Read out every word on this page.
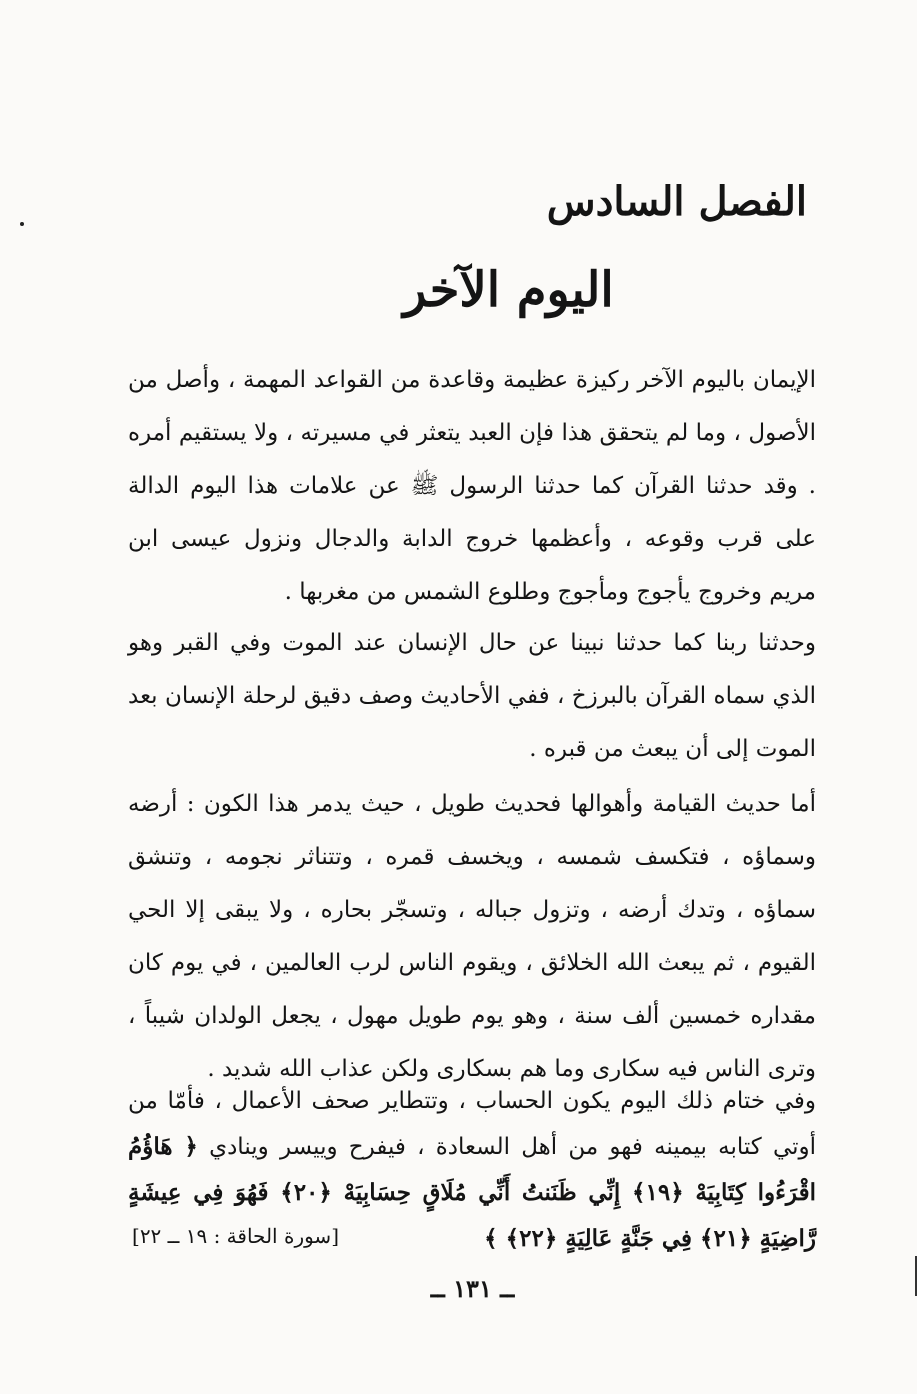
الفصل السادس
اليوم الآخر

الإيمان باليوم الآخر ركيزة عظيمة وقاعدة من القواعد المهمة ، وأصل من الأصول ، وما لم يتحقق هذا فإن العبد يتعثر في مسيرته ، ولا يستقيم أمره . وقد حدثنا القرآن كما حدثنا الرسول ﷺ عن علامات هذا اليوم الدالة على قرب وقوعه ، وأعظمها خروج الدابة والدجال ونزول عيسى ابن مريم وخروج يأجوج ومأجوج وطلوع الشمس من مغربها .

وحدثنا ربنا كما حدثنا نبينا عن حال الإنسان عند الموت وفي القبر وهو الذي سماه القرآن بالبرزخ ، ففي الأحاديث وصف دقيق لرحلة الإنسان بعد الموت إلى أن يبعث من قبره .

أما حديث القيامة وأهوالها فحديث طويل ، حيث يدمر هذا الكون : أرضه وسماؤه ، فتكسف شمسه ، ويخسف قمره ، وتتناثر نجومه ، وتنشق سماؤه ، وتدك أرضه ، وتزول جباله ، وتسجّر بحاره ، ولا يبقى إلا الحي القيوم ، ثم يبعث الله الخلائق ، ويقوم الناس لرب العالمين ، في يوم كان مقداره خمسين ألف سنة ، وهو يوم طويل مهول ، يجعل الولدان شيباً ، وترى الناس فيه سكارى وما هم بسكارى ولكن عذاب الله شديد .

وفي ختام ذلك اليوم يكون الحساب ، وتتطاير صحف الأعمال ، فأمّا من أوتي كتابه بيمينه فهو من أهل السعادة ، فيفرح وييسر وينادي ﴿ هَاؤُمُ اقْرَءُوا كِتَابِيَهْ ﴿١٩﴾ إِنِّي ظَنَنتُ أَنِّي مُلَاقٍ حِسَابِيَهْ ﴿٢٠﴾ فَهُوَ فِي عِيشَةٍ رَّاضِيَةٍ ﴿٢١﴾ فِي جَنَّةٍ عَالِيَةٍ ﴿٢٢﴾ ﴾

[سورة الحاقة : ١٩ ــ ٢٢]
ــ ١٣١ ــ
